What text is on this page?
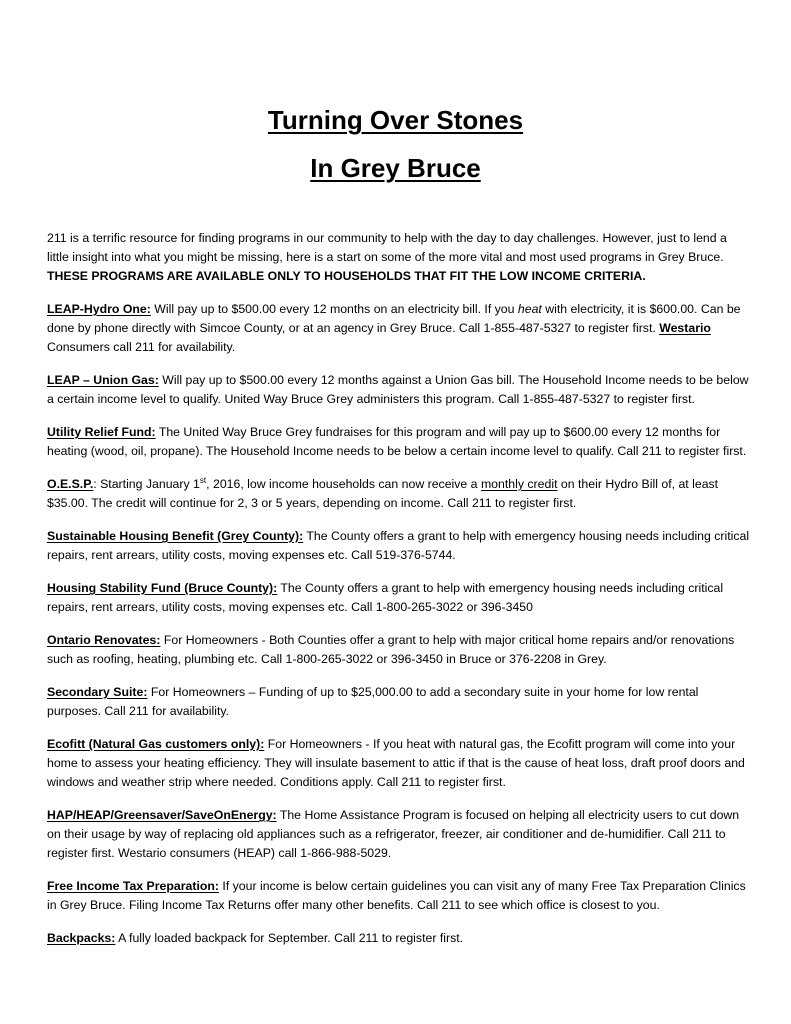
Turning Over Stones
In Grey Bruce

211 is a terrific resource for finding programs in our community to help with the day to day challenges. However, just to lend a little insight into what you might be missing, here is a start on some of the more vital and most used programs in Grey Bruce. THESE PROGRAMS ARE AVAILABLE ONLY TO HOUSEHOLDS THAT FIT THE LOW INCOME CRITERIA.

LEAP-Hydro One: Will pay up to $500.00 every 12 months on an electricity bill. If you heat with electricity, it is $600.00. Can be done by phone directly with Simcoe County, or at an agency in Grey Bruce. Call 1-855-487-5327 to register first. Westario Consumers call 211 for availability.

LEAP – Union Gas: Will pay up to $500.00 every 12 months against a Union Gas bill. The Household Income needs to be below a certain income level to qualify. United Way Bruce Grey administers this program. Call 1-855-487-5327 to register first.

Utility Relief Fund: The United Way Bruce Grey fundraises for this program and will pay up to $600.00 every 12 months for heating (wood, oil, propane). The Household Income needs to be below a certain income level to qualify. Call 211 to register first.

O.E.S.P.: Starting January 1st, 2016, low income households can now receive a monthly credit on their Hydro Bill of, at least $35.00. The credit will continue for 2, 3 or 5 years, depending on income. Call 211 to register first.

Sustainable Housing Benefit (Grey County): The County offers a grant to help with emergency housing needs including critical repairs, rent arrears, utility costs, moving expenses etc. Call 519-376-5744.

Housing Stability Fund (Bruce County): The County offers a grant to help with emergency housing needs including critical repairs, rent arrears, utility costs, moving expenses etc. Call 1-800-265-3022 or 396-3450

Ontario Renovates: For Homeowners - Both Counties offer a grant to help with major critical home repairs and/or renovations such as roofing, heating, plumbing etc. Call 1-800-265-3022 or 396-3450 in Bruce or 376-2208 in Grey.

Secondary Suite: For Homeowners – Funding of up to $25,000.00 to add a secondary suite in your home for low rental purposes. Call 211 for availability.

Ecofitt (Natural Gas customers only): For Homeowners - If you heat with natural gas, the Ecofitt program will come into your home to assess your heating efficiency. They will insulate basement to attic if that is the cause of heat loss, draft proof doors and windows and weather strip where needed. Conditions apply. Call 211 to register first.

HAP/HEAP/Greensaver/SaveOnEnergy: The Home Assistance Program is focused on helping all electricity users to cut down on their usage by way of replacing old appliances such as a refrigerator, freezer, air conditioner and de-humidifier. Call 211 to register first. Westario consumers (HEAP) call 1-866-988-5029.

Free Income Tax Preparation: If your income is below certain guidelines you can visit any of many Free Tax Preparation Clinics in Grey Bruce. Filing Income Tax Returns offer many other benefits. Call 211 to see which office is closest to you.

Backpacks: A fully loaded backpack for September. Call 211 to register first.
